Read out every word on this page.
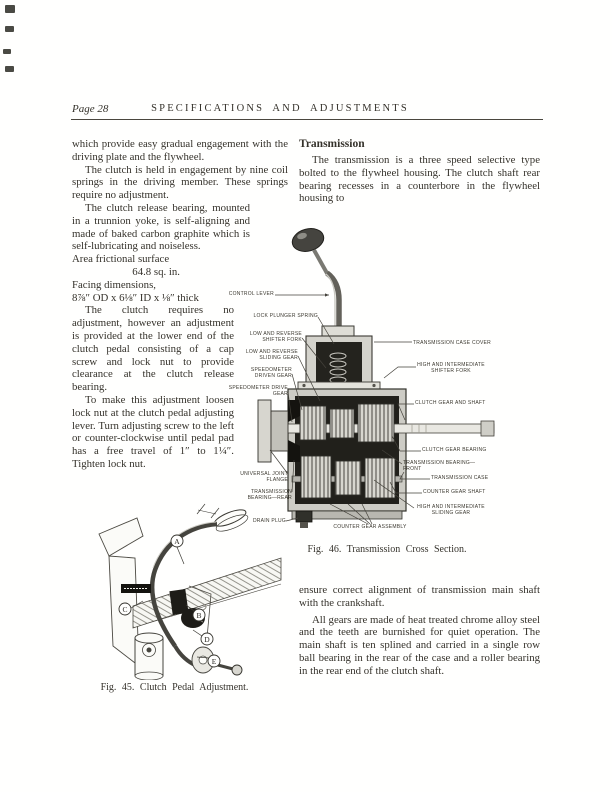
Page 28	SPECIFICATIONS AND ADJUSTMENTS

which provide easy gradual engagement with the driving plate and the flywheel.

The clutch is held in engagement by nine coil springs in the driving member. These springs require no adjustment.

The clutch release bearing, mounted in a trunnion yoke, is self-aligning and made of baked carbon graphite which is self-lubricating and noiseless.

Area frictional surface
64.8 sq. in.

Facing dimensions,
8⅞″ OD x 6⅛″ ID x ⅛″ thick

The clutch requires no adjustment, however an adjustment is provided at the lower end of the clutch pedal consisting of a cap screw and lock nut to provide clearance at the clutch release bearing.

To make this adjustment loosen lock nut at the clutch pedal adjusting lever. Turn adjusting screw to the left or counter-clockwise until pedal pad has a free travel of 1″ to 1¼″. Tighten lock nut.

Transmission

The transmission is a three speed selective type bolted to the flywheel housing. The clutch shaft rear bearing recesses in a counterbore in the flywheel housing to

ensure correct alignment of transmission main shaft with the crankshaft.

All gears are made of heat treated chrome alloy steel and the teeth are burnished for quiet operation. The main shaft is ten splined and carried in a single row ball bearing in the rear of the case and a roller bearing in the rear end of the clutch shaft.

CONTROL LEVER
LOCK PLUNGER SPRING
LOW AND REVERSE SHIFTER FORK
LOW AND REVERSE SLIDING GEAR
SPEEDOMETER DRIVEN GEAR
SPEEDOMETER DRIVE GEAR
UNIVERSAL JOINT FLANGE
TRANSMISSION BEARING—REAR
DRAIN PLUG
TRANSMISSION CASE COVER
HIGH AND INTERMEDIATE SHIFTER FORK
CLUTCH GEAR AND SHAFT
CLUTCH GEAR BEARING
TRANSMISSION BEARING—FRONT
TRANSMISSION CASE
COUNTER GEAR SHAFT
HIGH AND INTERMEDIATE SLIDING GEAR
COUNTER GEAR ASSEMBLY
Fig. 46. Transmission Cross Section.
A
B
C
D
E
Fig. 45. Clutch Pedal Adjustment.
